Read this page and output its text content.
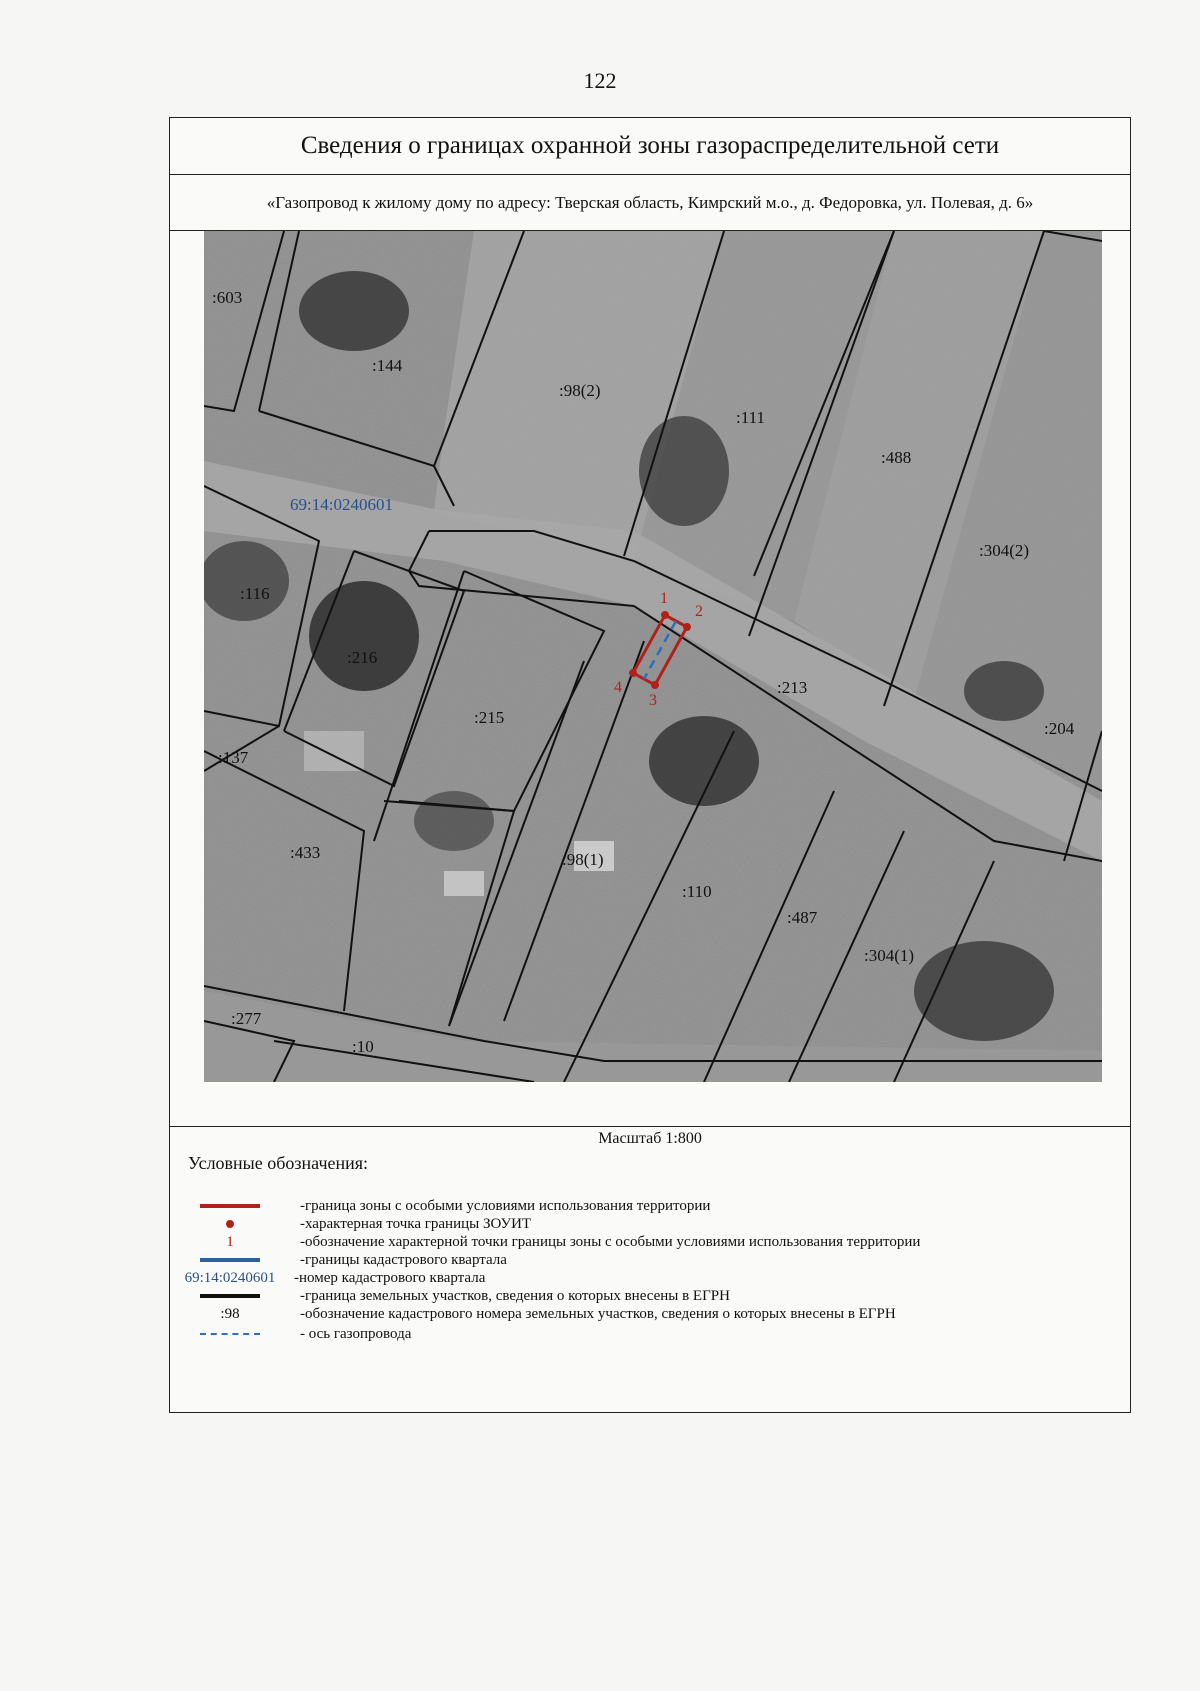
122
Сведения о границах охранной зоны газораспределительной сети
«Газопровод к жилому дому по адресу: Тверская область, Кимрский м.о., д. Федоровка, ул. Полевая, д. 6»
1
2
3
4
69:14:0240601
:603
:144
:98(2)
:111
:488
:304(2)
:116
:216
:215
:213
:204
:137
:433	:98(1)
:110
:487
:304(1)
:277
:10
Масштаб 1:800
Условные обозначения:
-граница зоны с особыми условиями использования территории
-характерная точка границы ЗОУИТ
1	-обозначение характерной точки границы зоны с особыми условиями использования территории
-границы кадастрового квартала
69:14:0240601 -номер кадастрового квартала
-граница земельных участков, сведения о которых внесены в ЕГРН
:98	-обозначение кадастрового номера земельных участков, сведения о которых внесены в ЕГРН
- ось газопровода
